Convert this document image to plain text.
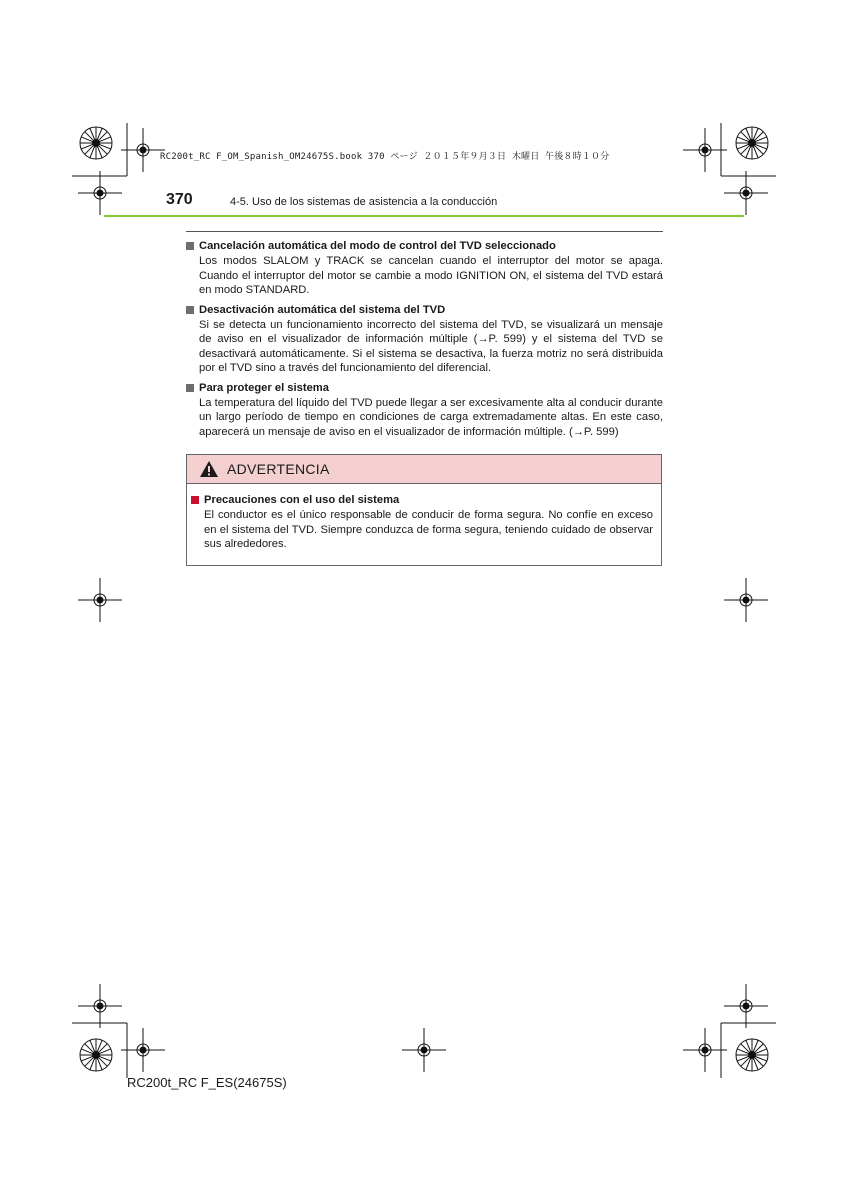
RC200t_RC F_OM_Spanish_OM24675S.book 370 ページ ２０１５年９月３日 木曜日 午後８時１０分
370	4-5. Uso de los sistemas de asistencia a la conducción
Cancelación automática del modo de control del TVD seleccionado
Los modos SLALOM y TRACK se cancelan cuando el interruptor del motor se apaga. Cuando el interruptor del motor se cambie a modo IGNITION ON, el sistema del TVD estará en modo STANDARD.
Desactivación automática del sistema del TVD
Si se detecta un funcionamiento incorrecto del sistema del TVD, se visualizará un mensaje de aviso en el visualizador de información múltiple (→P. 599) y el sistema del TVD se desactivará automáticamente. Si el sistema se desactiva, la fuerza motriz no será distribuida por el TVD sino a través del funcionamiento del diferencial.
Para proteger el sistema
La temperatura del líquido del TVD puede llegar a ser excesivamente alta al conducir durante un largo período de tiempo en condiciones de carga extremadamente altas. En este caso, aparecerá un mensaje de aviso en el visualizador de información múltiple. (→P. 599)
ADVERTENCIA
Precauciones con el uso del sistema
El conductor es el único responsable de conducir de forma segura. No confíe en exceso en el sistema del TVD. Siempre conduzca de forma segura, teniendo cuidado de observar sus alrededores.
RC200t_RC F_ES(24675S)
